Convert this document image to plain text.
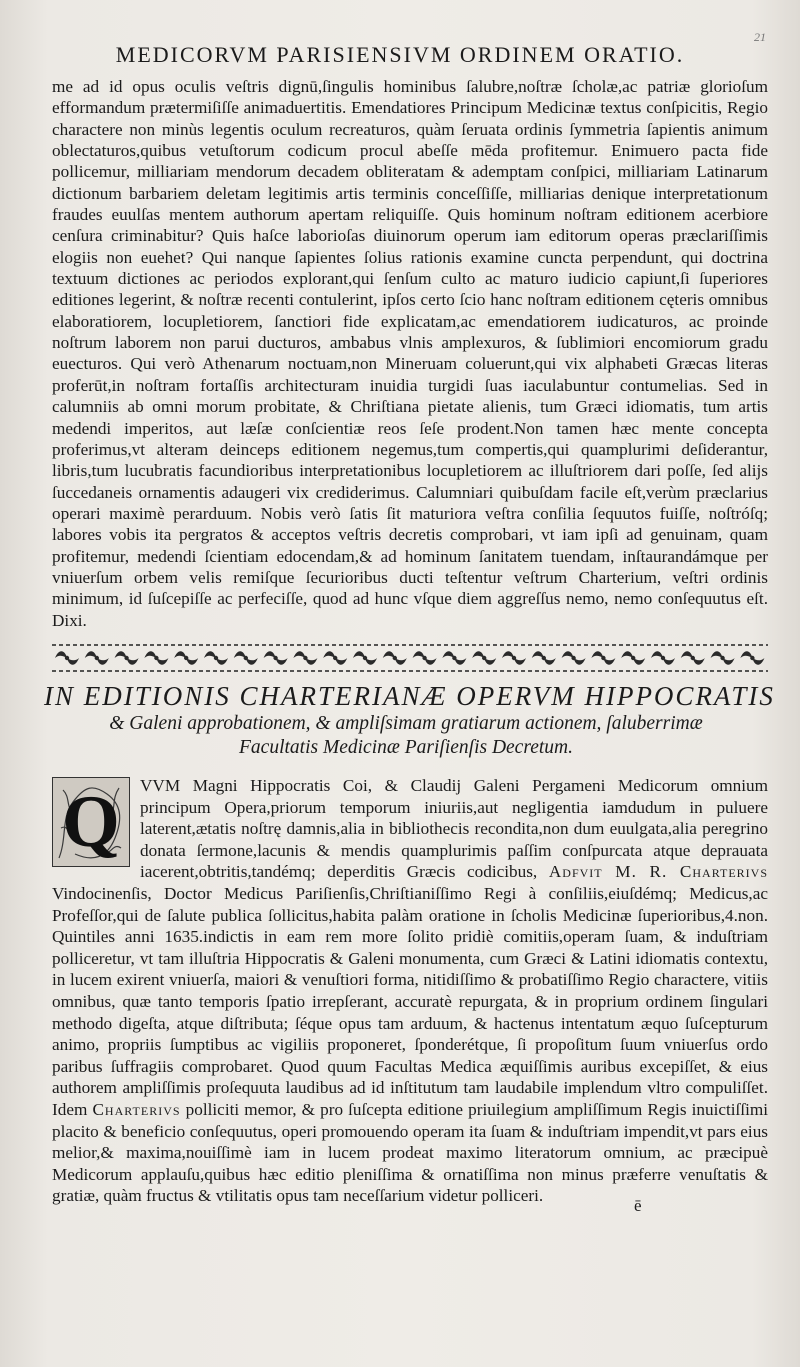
21
MEDICORVM PARISIENSIVM ORDINEM ORATIO.

me ad id opus oculis veſtris dignū,ſingulis hominibus ſalubre,noſtræ ſcholæ,ac patriæ glorioſum efformandum prætermiſiſſe animaduertitis. Emendatiores Principum Medicinæ textus conſpicitis, Regio charactere non minùs legentis oculum recreaturos, quàm ſeruata ordinis ſymmetria ſapientis animum oblectaturos,quibus vetuſtorum codicum procul abeſſe mēda profitemur. Enimuero pacta fide pollicemur, milliariam mendorum decadem obliteratam & ademptam conſpici, milliariam Latinarum dictionum barbariem deletam legitimis artis terminis conceſſiſſe, milliarias denique interpretationum fraudes euulſas mentem authorum apertam reliquiſſe. Quis hominum noſtram editionem acerbiore cenſura criminabitur? Quis haſce laborioſas diuinorum operum iam editorum operas præclariſſimis elogiis non euehet? Qui nanque ſapientes ſolius rationis examine cuncta perpendunt, qui doctrina textuum dictiones ac periodos explorant,qui ſenſum culto ac maturo iudicio capiunt,ſi ſuperiores editiones legerint, & noſtræ recenti contulerint, ipſos certo ſcio hanc noſtram editionem cęteris omnibus elaboratiorem, locupletiorem, ſanctiori fide explicatam,ac emendatiorem iudicaturos, ac proinde noſtrum laborem non parui ducturos, ambabus vlnis amplexuros, & ſublimiori encomiorum gradu euecturos. Qui verò Athenarum noctuam,non Mineruam coluerunt,qui vix alphabeti Græcas literas proferūt,in noſtram fortaſſis architecturam inuidia turgidi ſuas iaculabuntur contumelias. Sed in calumniis ab omni morum probitate, & Chriſtiana pietate alienis, tum Græci idiomatis, tum artis medendi imperitos, aut læſæ conſcientiæ reos ſeſe prodent.Non tamen hæc mente concepta proferimus,vt alteram deinceps editionem negemus,tum compertis,qui quamplurimi deſiderantur, libris,tum lucubratis facundioribus interpretationibus locupletiorem ac illuſtriorem dari poſſe, ſed alijs ſuccedaneis ornamentis adaugeri vix crediderimus. Calumniari quibuſdam facile eſt,verùm præclarius operari maximè perarduum. Nobis verò ſatis ſit maturiora veſtra conſilia ſequutos fuiſſe, noſtróſq; labores vobis ita pergratos & acceptos veſtris decretis comprobari, vt iam ipſi ad genuinam, quam profitemur, medendi ſcientiam edocendam,& ad hominum ſanitatem tuendam, inſtaurandámque per vniuerſum orbem velis remiſque ſecurioribus ducti teſtentur veſtrum Charterium, veſtri ordinis minimum, id ſuſcepiſſe ac perfeciſſe, quod ad hunc vſque diem aggreſſus nemo, nemo conſequutus eſt. Dixi.

IN EDITIONIS CHARTERIANÆ OPERVM HIPPOCRATIS
& Galeni approbationem, & ampliſsimam gratiarum actionem, ſaluberrimæ
Facultatis Medicinæ Pariſienſis Decretum.
Q	VVM Magni Hippocratis Coi, & Claudij Galeni Pergameni Medicorum omnium principum Opera,priorum temporum iniuriis,aut negligentia iamdudum in puluere laterent,ætatis noſtrę damnis,alia in bibliothecis recondita,non dum euulgata,alia peregrino donata ſermone,lacunis & mendis quamplurimis paſſim conſpurcata atque deprauata iacerent,obtritis,tandémq; deperditis Græcis codicibus, Adfvit M. R. Charterivs Vindocinenſis, Doctor Medicus Pariſienſis,Chriſtianiſſimo Regi à conſiliis,eiuſdémq; Medicus,ac Profeſſor,qui de ſalute publica ſollicitus,habita palàm oratione in ſcholis Medicinæ ſuperioribus,4.non. Quintiles anni 1635.indictis in eam rem more ſolito pridiè comitiis,operam ſuam, & induſtriam polliceretur, vt tam illuſtria Hippocratis & Galeni monumenta, cum Græci & Latini idiomatis contextu, in lucem exirent vniuerſa, maiori & venuſtiori forma, nitidiſſimo & probatiſſimo Regio charactere, vitiis omnibus, quæ tanto temporis ſpatio irrepſerant, accuratè repurgata, & in proprium ordinem ſingulari methodo digeſta, atque diſtributa; ſéque opus tam arduum, & hactenus intentatum æquo ſuſcepturum animo, propriis ſumptibus ac vigiliis proponeret, ſponderétque, ſi propoſitum ſuum vniuerſus ordo paribus ſuffragiis comprobaret. Quod quum Facultas Medica æquiſſimis auribus excepiſſet, & eius authorem ampliſſimis proſequuta laudibus ad id inſtitutum tam laudabile implendum vltro compuliſſet. Idem Charterivs polliciti memor, & pro ſuſcepta editione priuilegium ampliſſimum Regis inuictiſſimi placito & beneficio conſequutus, operi promouendo operam ita ſuam & induſtriam impendit,vt pars eius melior,& maxima,nouiſſimè iam in lucem prodeat maximo literatorum omnium, ac præcipuè Medicorum applauſu,quibus hæc editio pleniſſima & ornatiſſima non minus præferre venuſtatis & gratiæ, quàm fructus & vtilitatis opus tam neceſſarium videtur polliceri.
ē
